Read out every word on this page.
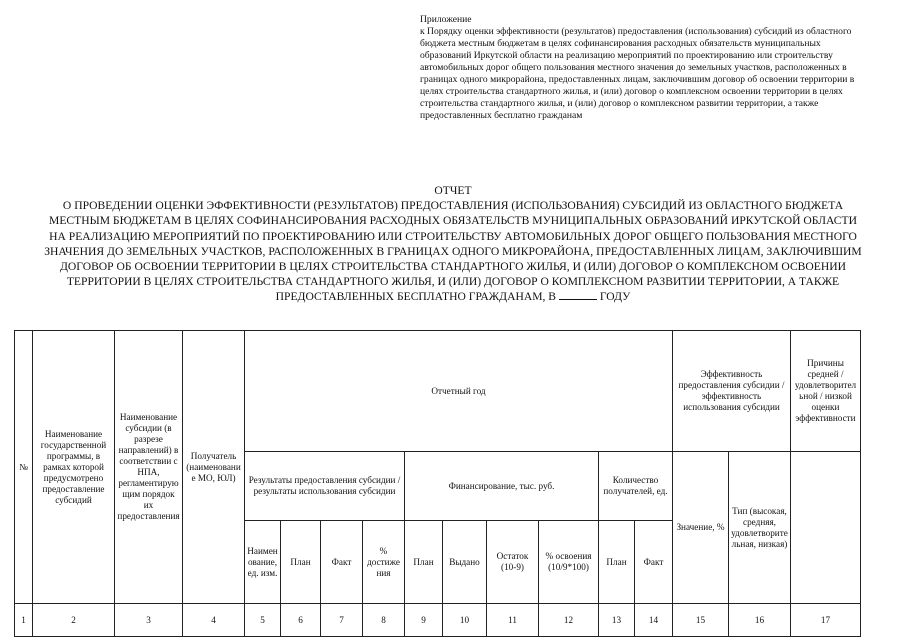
Приложение
к Порядку оценки эффективности (результатов) предоставления (использования) субсидий из областного бюджета местным бюджетам в целях софинансирования расходных обязательств муниципальных образований Иркутской области на реализацию мероприятий по проектированию или строительству автомобильных дорог общего пользования местного значения до земельных участков, расположенных в границах одного микрорайона, предоставленных лицам, заключившим договор об освоении территории в целях строительства стандартного жилья, и (или) договор о комплексном освоении территории в целях строительства стандартного жилья, и (или) договор о комплексном развитии территории, а также предоставленных бесплатно гражданам
ОТЧЕТ
О ПРОВЕДЕНИИ ОЦЕНКИ ЭФФЕКТИВНОСТИ (РЕЗУЛЬТАТОВ) ПРЕДОСТАВЛЕНИЯ (ИСПОЛЬЗОВАНИЯ) СУБСИДИЙ ИЗ ОБЛАСТНОГО БЮДЖЕТА МЕСТНЫМ БЮДЖЕТАМ В ЦЕЛЯХ СОФИНАНСИРОВАНИЯ РАСХОДНЫХ ОБЯЗАТЕЛЬСТВ МУНИЦИПАЛЬНЫХ ОБРАЗОВАНИЙ ИРКУТСКОЙ ОБЛАСТИ НА РЕАЛИЗАЦИЮ МЕРОПРИЯТИЙ ПО ПРОЕКТИРОВАНИЮ ИЛИ СТРОИТЕЛЬСТВУ АВТОМОБИЛЬНЫХ ДОРОГ ОБЩЕГО ПОЛЬЗОВАНИЯ МЕСТНОГО ЗНАЧЕНИЯ ДО ЗЕМЕЛЬНЫХ УЧАСТКОВ, РАСПОЛОЖЕННЫХ В ГРАНИЦАХ ОДНОГО МИКРОРАЙОНА, ПРЕДОСТАВЛЕННЫХ ЛИЦАМ, ЗАКЛЮЧИВШИМ ДОГОВОР ОБ ОСВОЕНИИ ТЕРРИТОРИИ В ЦЕЛЯХ СТРОИТЕЛЬСТВА СТАНДАРТНОГО ЖИЛЬЯ, И (ИЛИ) ДОГОВОР О КОМПЛЕКСНОМ ОСВОЕНИИ ТЕРРИТОРИИ В ЦЕЛЯХ СТРОИТЕЛЬСТВА СТАНДАРТНОГО ЖИЛЬЯ, И (ИЛИ) ДОГОВОР О КОМПЛЕКСНОМ РАЗВИТИИ ТЕРРИТОРИИ, А ТАКЖЕ ПРЕДОСТАВЛЕННЫХ БЕСПЛАТНО ГРАЖДАНАМ, В	ГОДУ
№	Наименование государственной программы, в рамках которой предусмотрено предоставление субсидий	Наименование субсидии (в разрезе направлений) в соответствии с НПА, регламентирующим порядок их предоставления	Получатель (наименование МО, ЮЛ)	Отчетный год										Эффективность предоставления субсидии / эффективность использования субсидии		Причины средней / удовлетворительной / низкой оценки эффективности
				Результаты предоставления субсидии / результаты использования субсидии				Финансирование, тыс. руб.				Количество получателей, ед.		Значение, %	Тип (высокая, средняя, удовлетворительная, низкая)	
				Наименование, ед. изм.	План	Факт	% достижения	План	Выдано	Остаток (10-9)	% освоения (10/9*100)	План	Факт			
1	2	3	4	5	6	7	8	9	10	11	12	13	14	15	16	17
